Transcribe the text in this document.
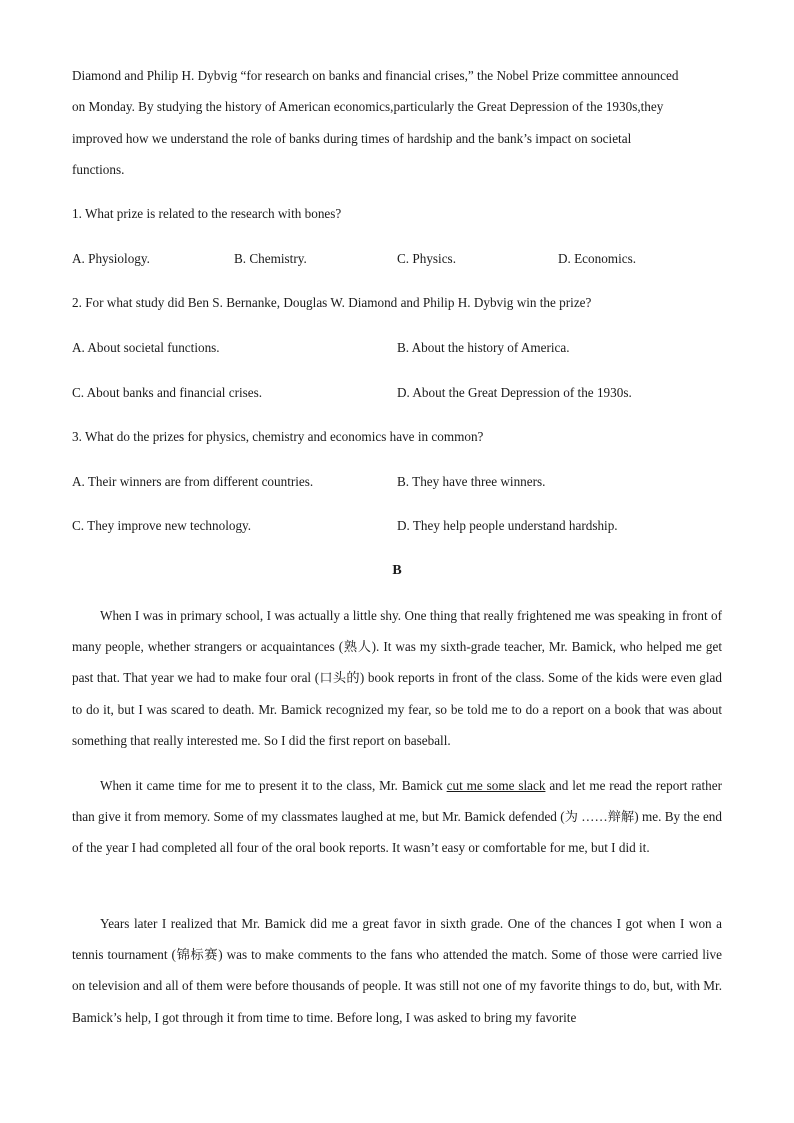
Diamond and Philip H. Dybvig “for research on banks and financial crises,” the Nobel Prize committee announced
on Monday. By studying the history of American economics,particularly the Great Depression of the 1930s,they
improved how we understand the role of banks during times of hardship and the bank’s impact on societal
functions.
1. What prize is related to the research with bones?
A. Physiology.	B. Chemistry.	C. Physics.	D. Economics.
2. For what study did Ben S. Bernanke, Douglas W. Diamond and Philip H. Dybvig win the prize?
A. About societal functions.	B. About the history of America.
C. About banks and financial crises.	D. About the Great Depression of the 1930s.
3. What do the prizes for physics, chemistry and economics have in common?
A. Their winners are from different countries.	B. They have three winners.
C. They improve new technology.	D. They help people understand hardship.
B
When I was in primary school, I was actually a little shy. One thing that really frightened me was speaking in front of many people, whether strangers or acquaintances (熟人). It was my sixth-grade teacher, Mr. Bamick, who helped me get past that. That year we had to make four oral (口头的) book reports in front of the class. Some of the kids were even glad to do it, but I was scared to death. Mr. Bamick recognized my fear, so be told me to do a report on a book that was about something that really interested me. So I did the first report on baseball.
When it came time for me to present it to the class, Mr. Bamick cut me some slack and let me read the report rather than give it from memory. Some of my classmates laughed at me, but Mr. Bamick defended (为 ……辩解) me. By the end of the year I had completed all four of the oral book reports. It wasn’t easy or comfortable for me, but I did it.
Years later I realized that Mr. Bamick did me a great favor in sixth grade. One of the chances I got when I won a tennis tournament (锦标赛) was to make comments to the fans who attended the match. Some of those were carried live on television and all of them were before thousands of people. It was still not one of my favorite things to do, but, with Mr. Bamick’s help, I got through it from time to time. Before long, I was asked to bring my favorite
